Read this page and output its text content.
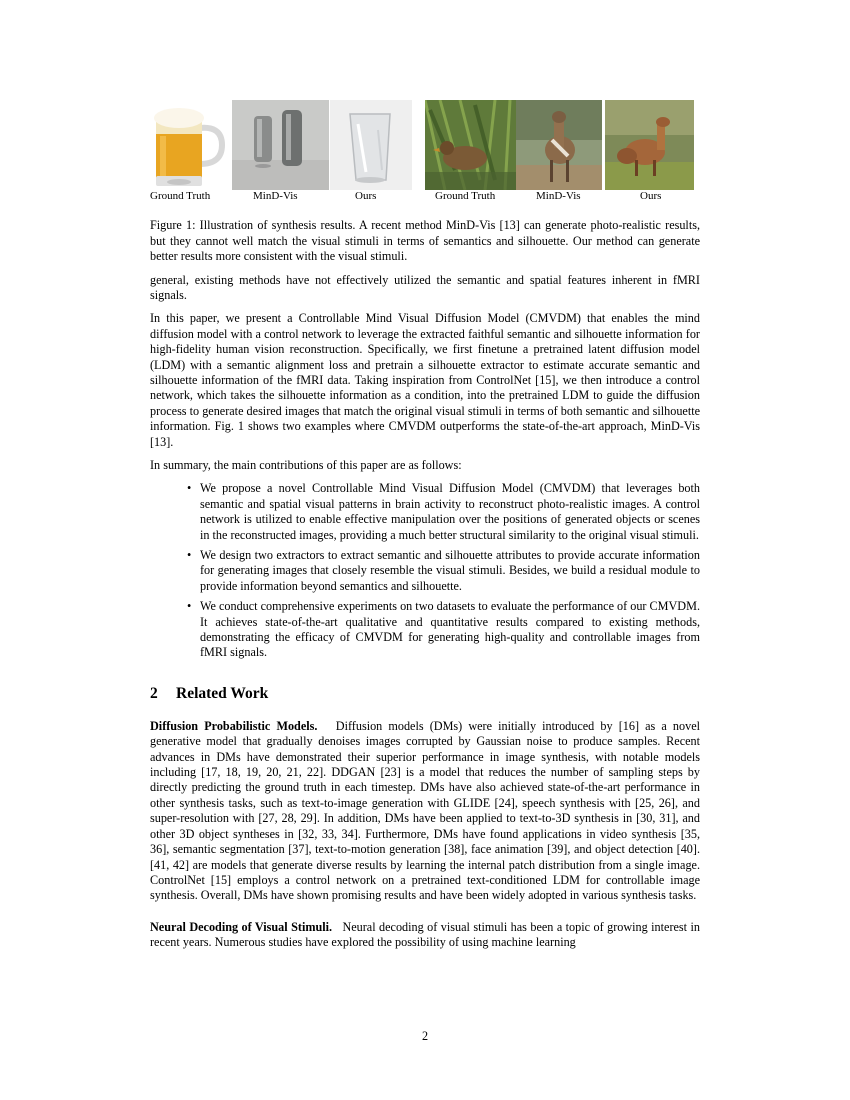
Ground Truth	MinD-Vis	Ours	Ground Truth	MinD-Vis	Ours
Figure 1: Illustration of synthesis results. A recent method MinD-Vis [13] can generate photo-realistic results, but they cannot well match the visual stimuli in terms of semantics and silhouette. Our method can generate better results more consistent with the visual stimuli.

general, existing methods have not effectively utilized the semantic and spatial features inherent in fMRI signals.

In this paper, we present a Controllable Mind Visual Diffusion Model (CMVDM) that enables the mind diffusion model with a control network to leverage the extracted faithful semantic and silhouette information for high-fidelity human vision reconstruction. Specifically, we first finetune a pretrained latent diffusion model (LDM) with a semantic alignment loss and pretrain a silhouette extractor to estimate accurate semantic and silhouette information of the fMRI data. Taking inspiration from ControlNet [15], we then introduce a control network, which takes the silhouette information as a condition, into the pretrained LDM to guide the diffusion process to generate desired images that match the original visual stimuli in terms of both semantic and silhouette information. Fig. 1 shows two examples where CMVDM outperforms the state-of-the-art approach, MinD-Vis [13].

In summary, the main contributions of this paper are as follows:

• We propose a novel Controllable Mind Visual Diffusion Model (CMVDM) that leverages both semantic and spatial visual patterns in brain activity to reconstruct photo-realistic images. A control network is utilized to enable effective manipulation over the positions of generated objects or scenes in the reconstructed images, providing a much better structural similarity to the original visual stimuli.
• We design two extractors to extract semantic and silhouette attributes to provide accurate information for generating images that closely resemble the visual stimuli. Besides, we build a residual module to provide information beyond semantics and silhouette.
• We conduct comprehensive experiments on two datasets to evaluate the performance of our CMVDM. It achieves state-of-the-art qualitative and quantitative results compared to existing methods, demonstrating the efficacy of CMVDM for generating high-quality and controllable images from fMRI signals.
2 Related Work

Diffusion Probabilistic Models. Diffusion models (DMs) were initially introduced by [16] as a novel generative model that gradually denoises images corrupted by Gaussian noise to produce samples. Recent advances in DMs have demonstrated their superior performance in image synthesis, with notable models including [17, 18, 19, 20, 21, 22]. DDGAN [23] is a model that reduces the number of sampling steps by directly predicting the ground truth in each timestep. DMs have also achieved state-of-the-art performance in other synthesis tasks, such as text-to-image generation with GLIDE [24], speech synthesis with [25, 26], and super-resolution with [27, 28, 29]. In addition, DMs have been applied to text-to-3D synthesis in [30, 31], and other 3D object syntheses in [32, 33, 34]. Furthermore, DMs have found applications in video synthesis [35, 36], semantic segmentation [37], text-to-motion generation [38], face animation [39], and object detection [40]. [41, 42] are models that generate diverse results by learning the internal patch distribution from a single image. ControlNet [15] employs a control network on a pretrained text-conditioned LDM for controllable image synthesis. Overall, DMs have shown promising results and have been widely adopted in various synthesis tasks.

Neural Decoding of Visual Stimuli. Neural decoding of visual stimuli has been a topic of growing interest in recent years. Numerous studies have explored the possibility of using machine learning

2
